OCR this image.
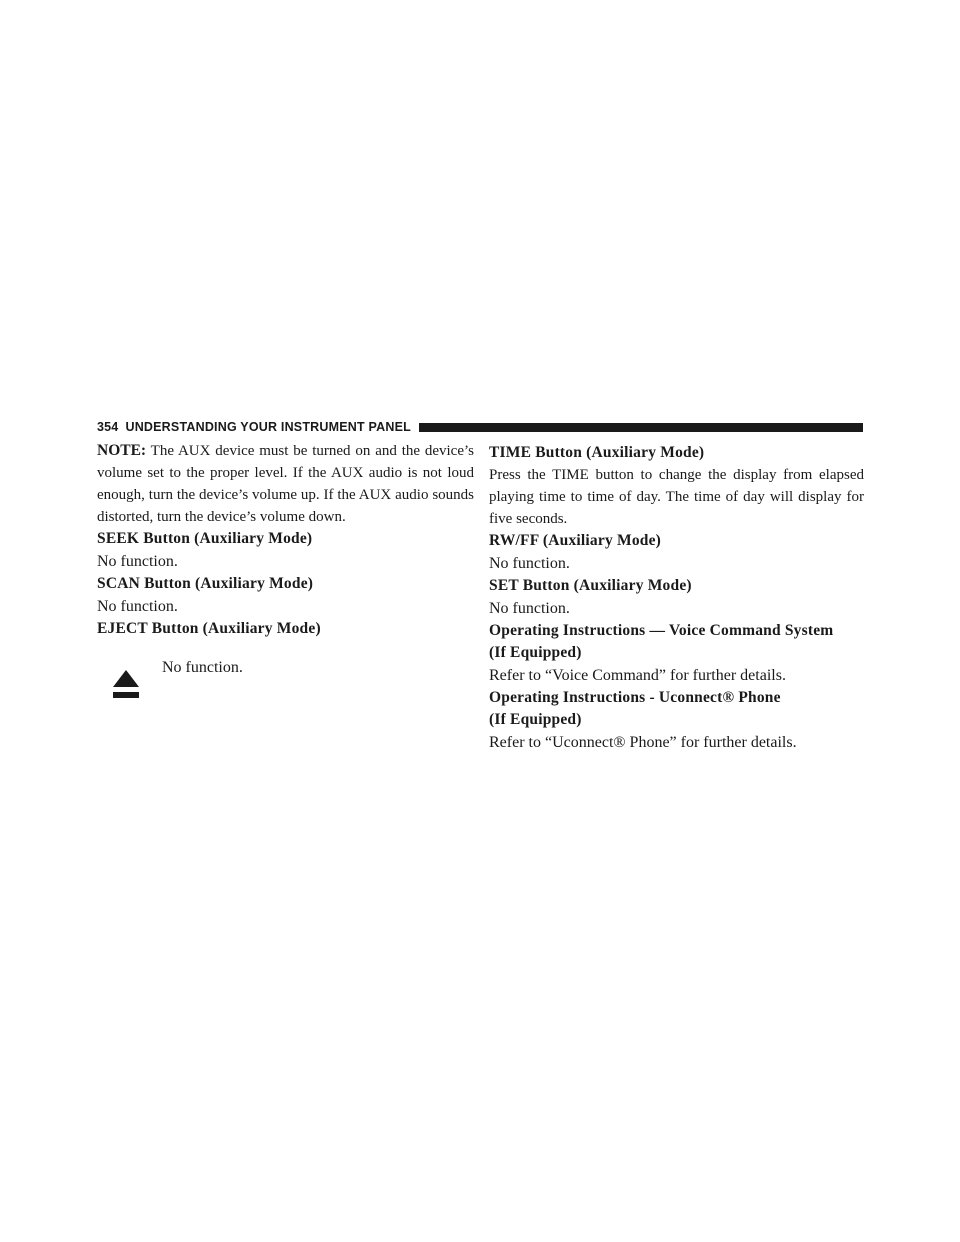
354 UNDERSTANDING YOUR INSTRUMENT PANEL

NOTE: The AUX device must be turned on and the device’s volume set to the proper level. If the AUX audio is not loud enough, turn the device’s volume up. If the AUX audio sounds distorted, turn the device’s volume down.

SEEK Button (Auxiliary Mode)

No function.

SCAN Button (Auxiliary Mode)

No function.

EJECT Button (Auxiliary Mode)

No function.

TIME Button (Auxiliary Mode)

Press the TIME button to change the display from elapsed playing time to time of day. The time of day will display for five seconds.

RW/FF (Auxiliary Mode)

No function.

SET Button (Auxiliary Mode)

No function.

Operating Instructions — Voice Command System
(If Equipped)

Refer to “Voice Command” for further details.

Operating Instructions - Uconnect® Phone
(If Equipped)

Refer to “Uconnect® Phone” for further details.
